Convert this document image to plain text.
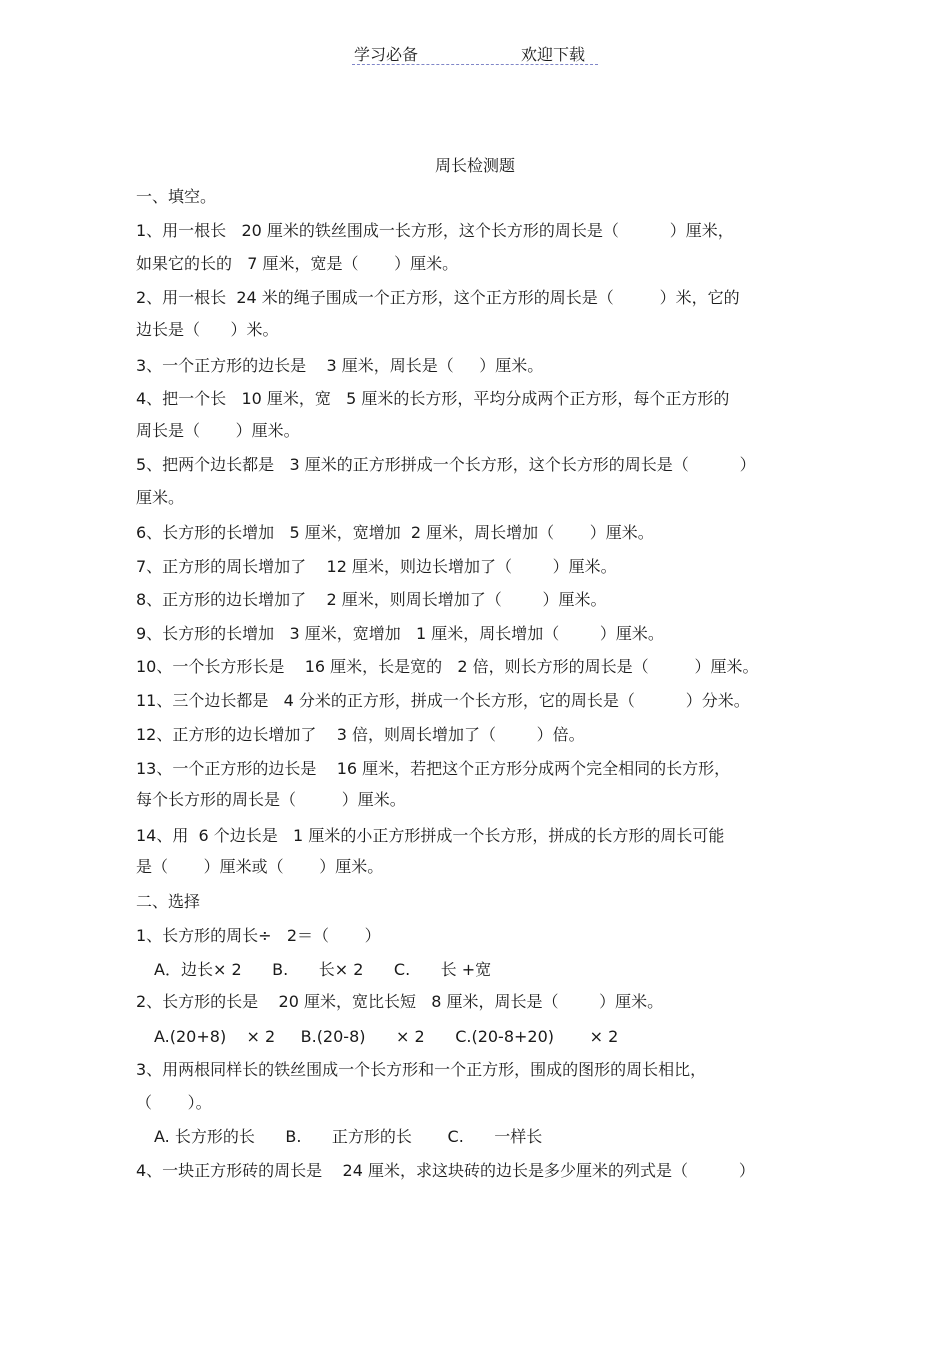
学习必备	欢迎下载
周长检测题
一、填空。
1、用一根长   20 厘米的铁丝围成一长方形，这个长方形的周长是（          ）厘米，
如果它的长的   7 厘米，宽是（       ）厘米。
2、用一根长  24 米的绳子围成一个正方形，这个正方形的周长是（         ）米，它的
边长是（      ）米。
3、一个正方形的边长是    3 厘米，周长是（     ）厘米。
4、把一个长   10 厘米，宽   5 厘米的长方形，平均分成两个正方形，每个正方形的
周长是（       ）厘米。
5、把两个边长都是   3 厘米的正方形拼成一个长方形，这个长方形的周长是（          ）
厘米。
6、长方形的长增加   5 厘米，宽增加  2 厘米，周长增加（       ）厘米。
7、正方形的周长增加了    12 厘米，则边长增加了（        ）厘米。
8、正方形的边长增加了    2 厘米，则周长增加了（        ）厘米。
9、长方形的长增加   3 厘米，宽增加   1 厘米，周长增加（        ）厘米。
10、一个长方形长是    16 厘米，长是宽的   2 倍，则长方形的周长是（         ）厘米。
11、三个边长都是   4 分米的正方形，拼成一个长方形，它的周长是（          ）分米。
12、正方形的边长增加了    3 倍，则周长增加了（        ）倍。
13、一个正方形的边长是    16 厘米，若把这个正方形分成两个完全相同的长方形，
每个长方形的周长是（         ）厘米。
14、用  6 个边长是   1 厘米的小正方形拼成一个长方形，拼成的长方形的周长可能
是（       ）厘米或（       ）厘米。
二、选择
1、长方形的周长÷   2＝（       ）
A．边长× 2      B.      长× 2      C.      长 +宽
2、长方形的长是    20 厘米，宽比长短   8 厘米，周长是（        ）厘米。
A.(20+8)    × 2     B.(20-8)      × 2      C.(20-8+20)       × 2
3、用两根同样长的铁丝围成一个长方形和一个正方形，围成的图形的周长相比，
（       ）。
A. 长方形的长      B.      正方形的长       C.      一样长
4、一块正方形砖的周长是    24 厘米，求这块砖的边长是多少厘米的列式是（          ）
